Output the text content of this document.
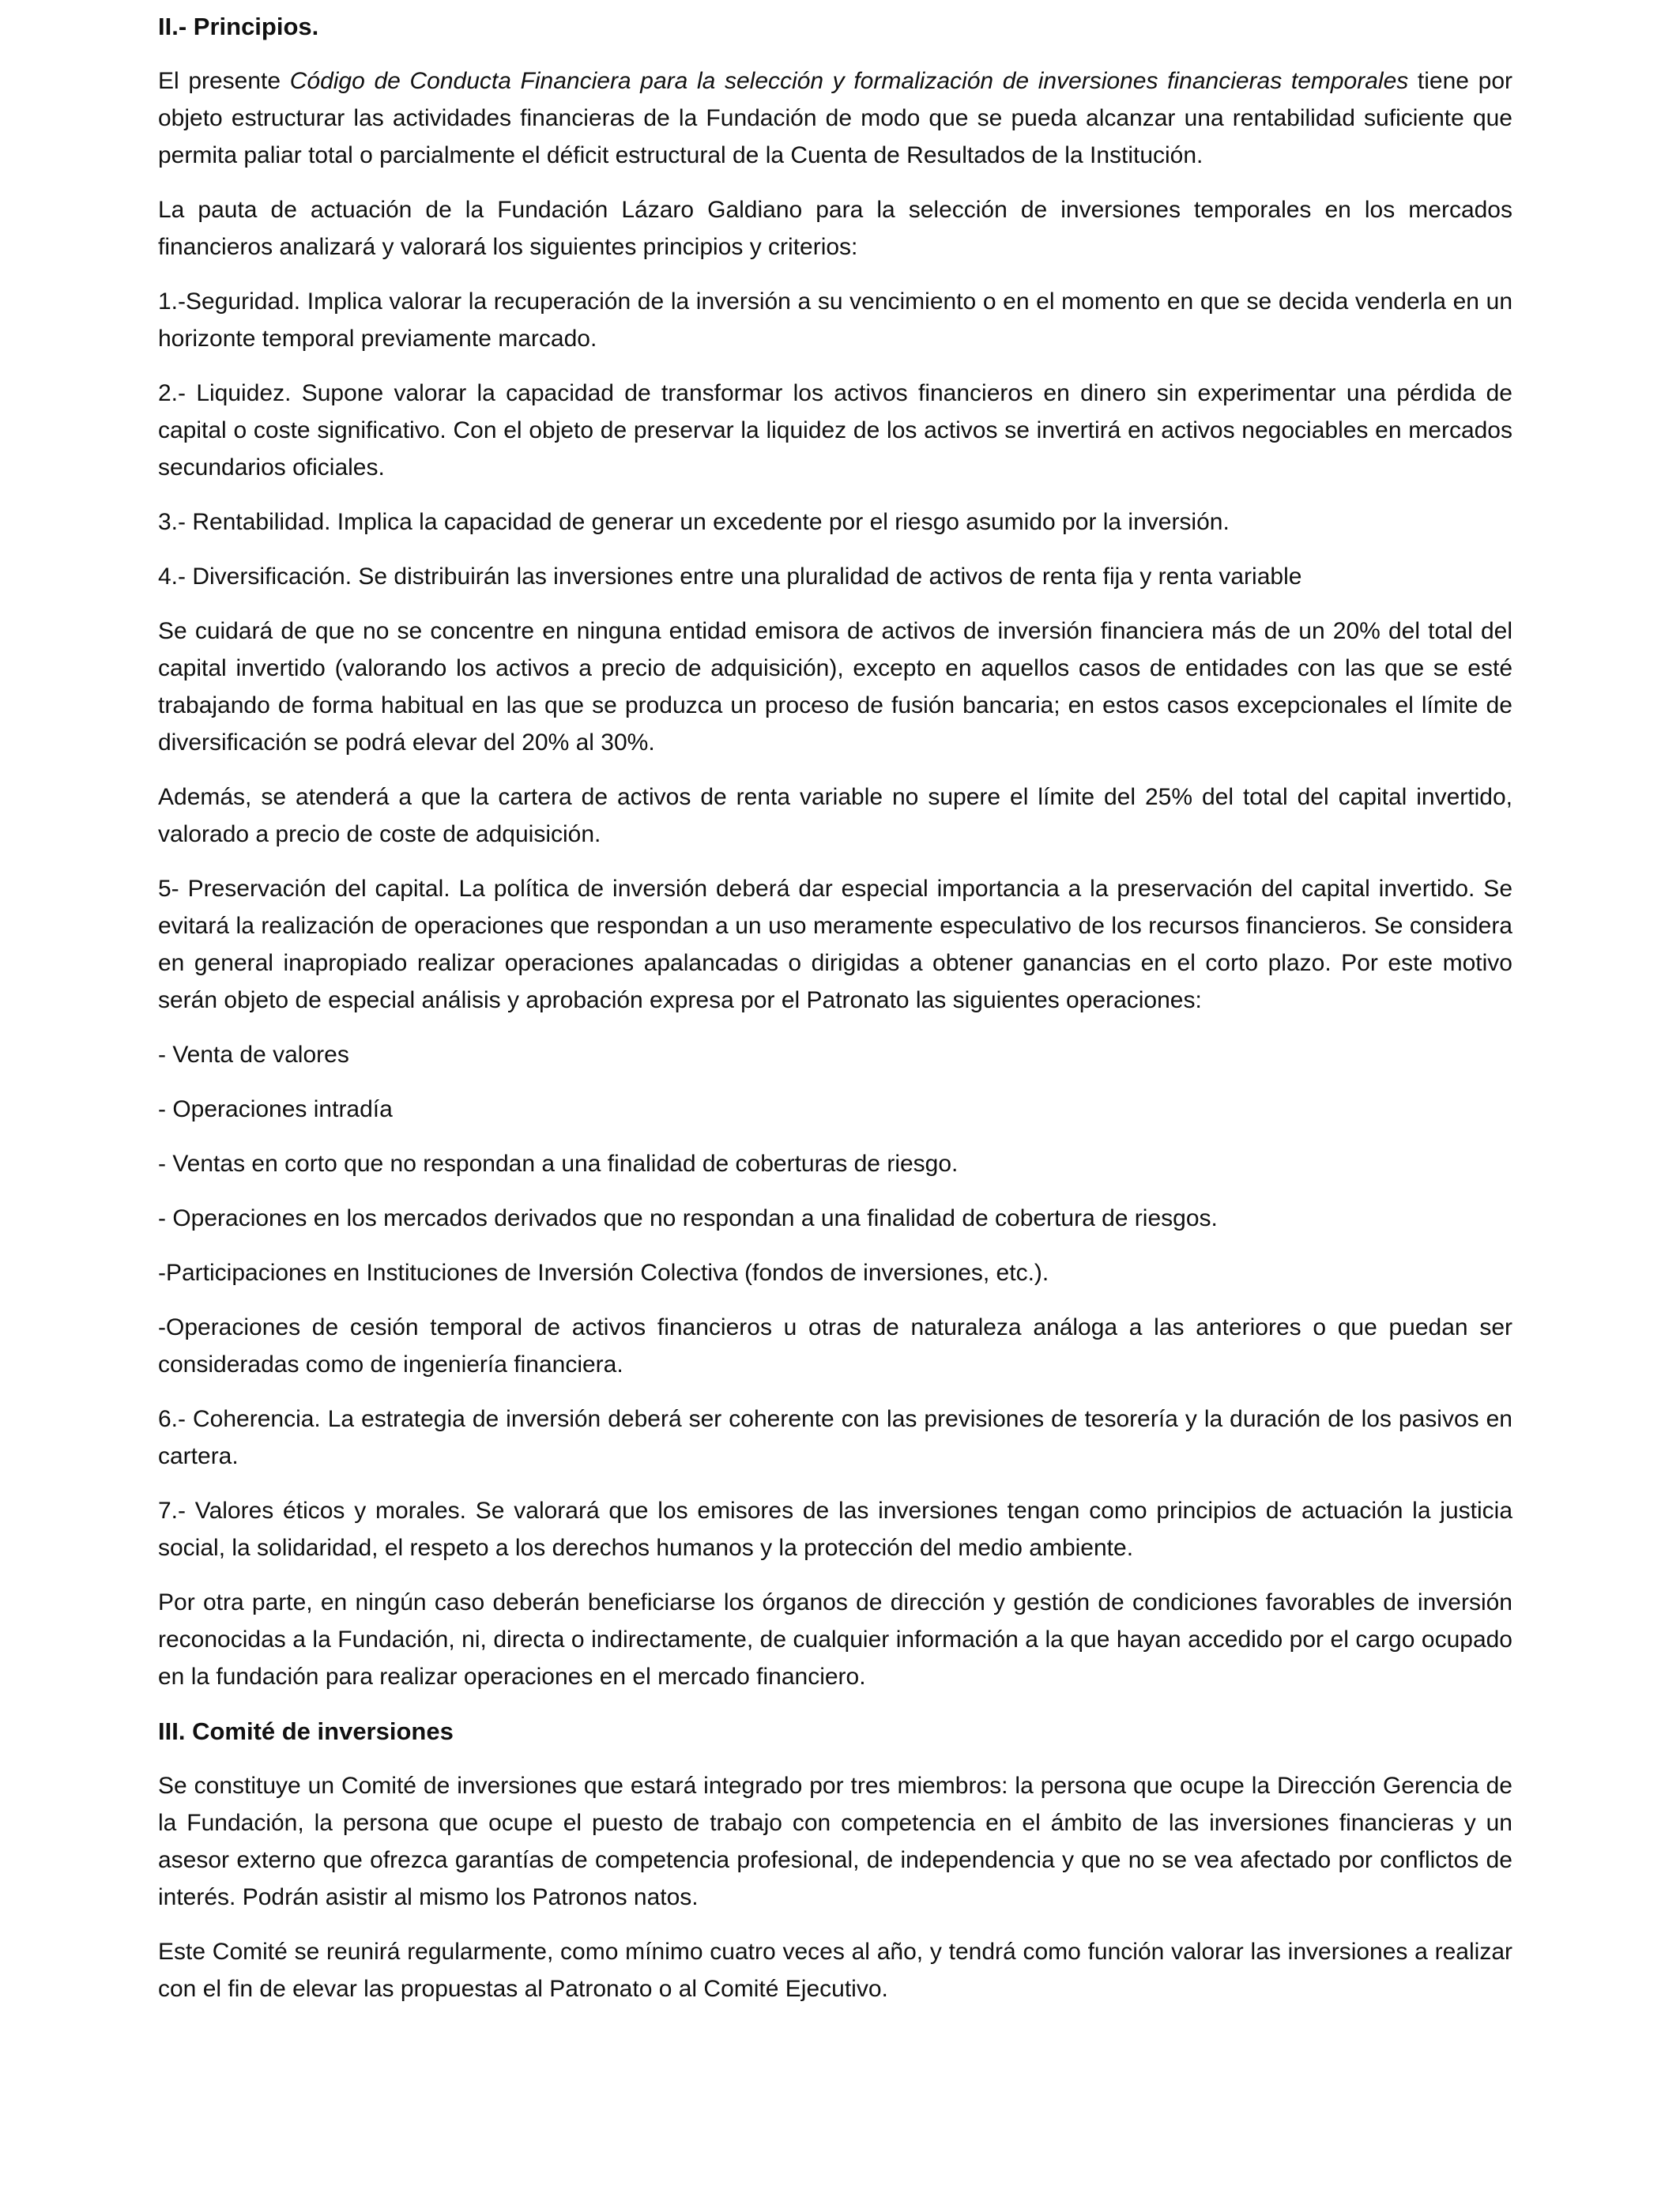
II.- Principios.

El presente Código de Conducta Financiera para la selección y formalización de inversiones financieras temporales tiene por objeto estructurar las actividades financieras de la Fundación de modo que se pueda alcanzar una rentabilidad suficiente que permita paliar total o parcialmente el déficit estructural de la Cuenta de Resultados de la Institución.

La pauta de actuación de la Fundación Lázaro Galdiano para la selección de inversiones temporales en los mercados financieros analizará y valorará los siguientes principios y criterios:

1.-Seguridad. Implica valorar la recuperación de la inversión a su vencimiento o en el momento en que se decida venderla en un horizonte temporal previamente marcado.

2.- Liquidez. Supone valorar la capacidad de transformar los activos financieros en dinero sin experimentar una pérdida de capital o coste significativo. Con el objeto de preservar la liquidez de los activos se invertirá en activos negociables en mercados secundarios oficiales.

3.- Rentabilidad. Implica la capacidad de generar un excedente por el riesgo asumido por la inversión.

4.- Diversificación. Se distribuirán las inversiones entre una pluralidad de activos de renta fija y renta variable

Se cuidará de que no se concentre en ninguna entidad emisora de activos de inversión financiera más de un 20% del total del capital invertido (valorando los activos a precio de adquisición), excepto en aquellos casos de entidades con las que se esté trabajando de forma habitual en las que se produzca un proceso de fusión bancaria; en estos casos excepcionales el límite de diversificación se podrá elevar del 20% al 30%.

Además, se atenderá a que la cartera de activos de renta variable no supere el límite del 25% del total del capital invertido, valorado a precio de coste de adquisición.

5- Preservación del capital. La política de inversión deberá dar especial importancia a la preservación del capital invertido. Se evitará la realización de operaciones que respondan a un uso meramente especulativo de los recursos financieros. Se considera en general inapropiado realizar operaciones apalancadas o dirigidas a obtener ganancias en el corto plazo. Por este motivo serán objeto de especial análisis y aprobación expresa por el Patronato las siguientes operaciones:

- Venta de valores

- Operaciones intradía

- Ventas en corto que no respondan a una finalidad de coberturas de riesgo.

- Operaciones en los mercados derivados que no respondan a una finalidad de cobertura de riesgos.

-Participaciones en Instituciones de Inversión Colectiva (fondos de inversiones, etc.).

-Operaciones de cesión temporal de activos financieros u otras de naturaleza análoga a las anteriores o que puedan ser consideradas como de ingeniería financiera.

6.- Coherencia. La estrategia de inversión deberá ser coherente con las previsiones de tesorería y la duración de los pasivos en cartera.

7.- Valores éticos y morales. Se valorará que los emisores de las inversiones tengan como principios de actuación la justicia social, la solidaridad, el respeto a los derechos humanos y la protección del medio ambiente.

Por otra parte, en ningún caso deberán beneficiarse los órganos de dirección y gestión de condiciones favorables de inversión reconocidas a la Fundación, ni, directa o indirectamente, de cualquier información a la que hayan accedido por el cargo ocupado en la fundación para realizar operaciones en el mercado financiero.

III. Comité de inversiones

Se constituye un Comité de inversiones que estará integrado por tres miembros: la persona que ocupe la Dirección Gerencia de la Fundación, la persona que ocupe el puesto de trabajo con competencia en el ámbito de las inversiones financieras y un asesor externo que ofrezca garantías de competencia profesional, de independencia y que no se vea afectado por conflictos de interés. Podrán asistir al mismo los Patronos natos.

Este Comité se reunirá regularmente, como mínimo cuatro veces al año, y tendrá como función valorar las inversiones a realizar con el fin de elevar las propuestas al Patronato o al Comité Ejecutivo.
